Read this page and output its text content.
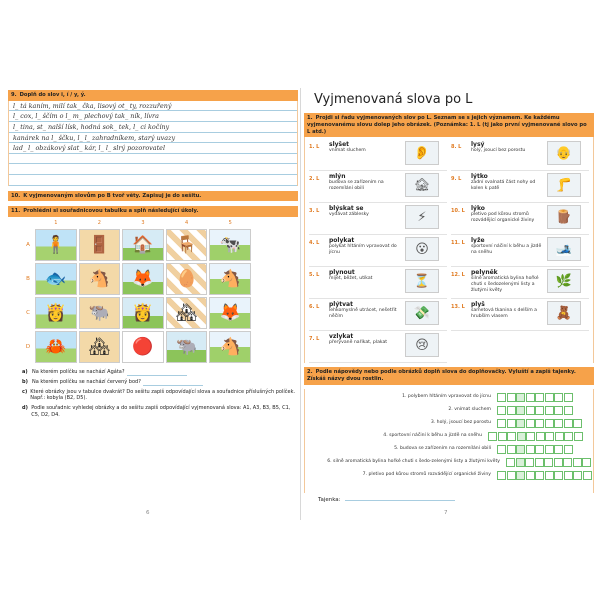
9. Doplň do slov i, í / y, ý.
l_ tá kaním, milí tak_ čka, lisový ot_ ty, rozzuřený
l_ cox, l_ ščím o l_ m_ plechový tak_ ník, lívra
l_ tina, st_ nalší lísk, hodná sok_ tek, l_ ci kočíny
kanárek na l_ ščku, l_ l_ zahradníkem, starý uvazy
lad_ l_ obzákový slat_ kár, l_ l_ slrý pozorovatel
10. K vyjmenovaným slovům po B tvoř věty. Zapisuj je do sešitu.
11. Prohlédni si souřadnicovou tabulku a splň následující úkoly.
1	2	3	4	5
A 🧍	🚪	🏠	🪑	🐄
B 🐟	🐴	🦊	🥚	🐴
C 👸	🐃	👸	🏘	🦊
D 🦀	🏘	🔴	🐃	🐴
a) Na kterém políčku se nachází Agáta?
b) Na kterém políčku se nachází červený bod?
c) Které obrázky jsou v tabulce dvakrát? Do sešitu zapiš odpovídající slova a souřadnice příslušných políček. Např.: kobyla (B2, D5).
d) Podle souřadnic vyhledej obrázky a do sešitu zapiš odpovídající vyjmenovaná slova: A1, A3, B3, B5, C1, C5, D2, D4.
6
Vyjmenovaná slova po L
1. Projdi si řadu vyjmenovaných slov po L. Seznam se s jejich významem. Ke každému vyjmenovanému slovu dolep jeho obrázek. (Poznámka: 1. L (tj jako první vyjmenované slovo po L atd.)
1. L	slyšet
vnímat sluchem	👂
2. L	mlýn
budova se zařízením na rozemílání obilí	🏚
3. L	blýskat se
vydávat záblesky	⚡
4. L	polykat
polykat hltáním vpravovat do jícnu	😮
5. L	plynout
míjet, běžet, utíkat	⏳
6. L	plýtvat
lehkomyslně utrácet, nešetřit něčím	💸
7. L	vzlykat
přerývaně naříkat, plakat	😢
8. L	lysý
holý, jsoucí bez porostu	👴
9. L	lýtko
zadní svalnatá část nohy od kolen k patě	🦵
10. L	lýko
pletivo pod kůrou stromů rozvádějící organické živiny	🪵
11. L	lyže
sportovní náčiní k běhu a jízdě na sněhu	🎿
12. L	pelyněk
silně aromatická bylina hořké chuti s šedozelenými listy a žlutými květy
🌿
13. L	plyš
sametová tkanina s delším a hrubším vlasem	🧸
2. Podle nápovědy nebo podle obrázků doplň slova do doplňovačky. Vyluští a zapiš tajenky. Získáš názvy dvou rostlin.
1. polybem hltáním vpravovat do jícnu
2. vnímat sluchem
3. holý, jsoucí bez porostu
4. sportovní náčiní k běhu a jízdě na sněhu
5. budova se zařízením na rozemílání obilí
6. silně aromatická bylina hořké chuti s šedo-zelenými listy a žlutými květy
7. pletivo pod kůrou stromů rozvádějící organické živiny
Tajenka:
7
